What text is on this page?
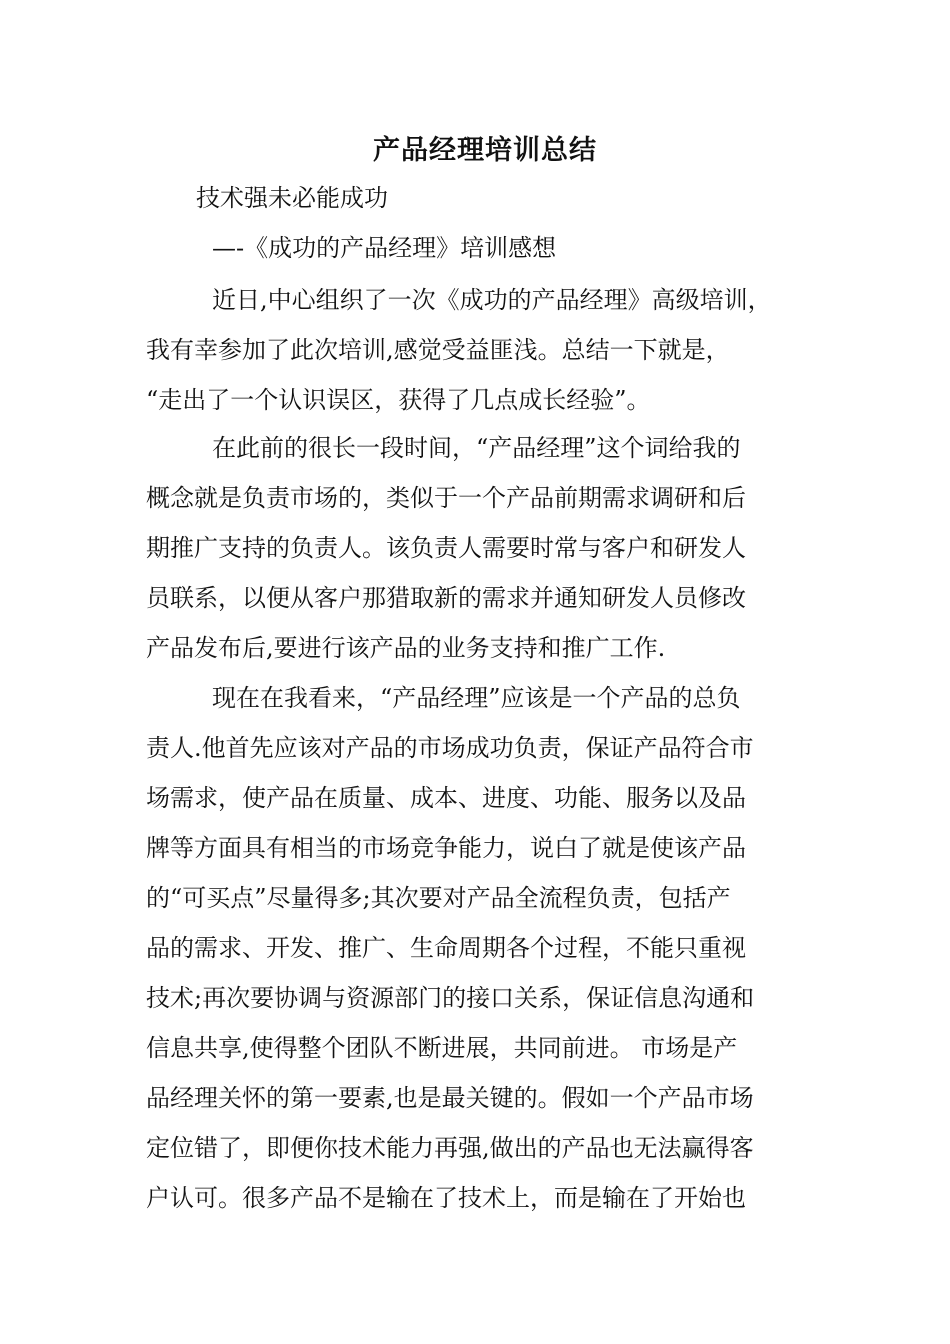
产品经理培训总结
技术强未必能成功
—-《成功的产品经理》培训感想
近日,中心组织了一次《成功的产品经理》高级培训，
我有幸参加了此次培训,感觉受益匪浅。总结一下就是，
“走出了一个认识误区，获得了几点成长经验”。
在此前的很长一段时间，“产品经理”这个词给我的
概念就是负责市场的，类似于一个产品前期需求调研和后
期推广支持的负责人。该负责人需要时常与客户和研发人
员联系，以便从客户那猎取新的需求并通知研发人员修改
产品发布后,要进行该产品的业务支持和推广工作.
现在在我看来，“产品经理”应该是一个产品的总负
责人.他首先应该对产品的市场成功负责，保证产品符合市
场需求，使产品在质量、成本、进度、功能、服务以及品
牌等方面具有相当的市场竞争能力，说白了就是使该产品
的“可买点”尽量得多;其次要对产品全流程负责，包括产
品的需求、开发、推广、生命周期各个过程，不能只重视
技术;再次要协调与资源部门的接口关系，保证信息沟通和
信息共享,使得整个团队不断进展，共同前进。 市场是产
品经理关怀的第一要素,也是最关键的。假如一个产品市场
定位错了，即便你技术能力再强,做出的产品也无法赢得客
户认可。很多产品不是输在了技术上，而是输在了开始也
